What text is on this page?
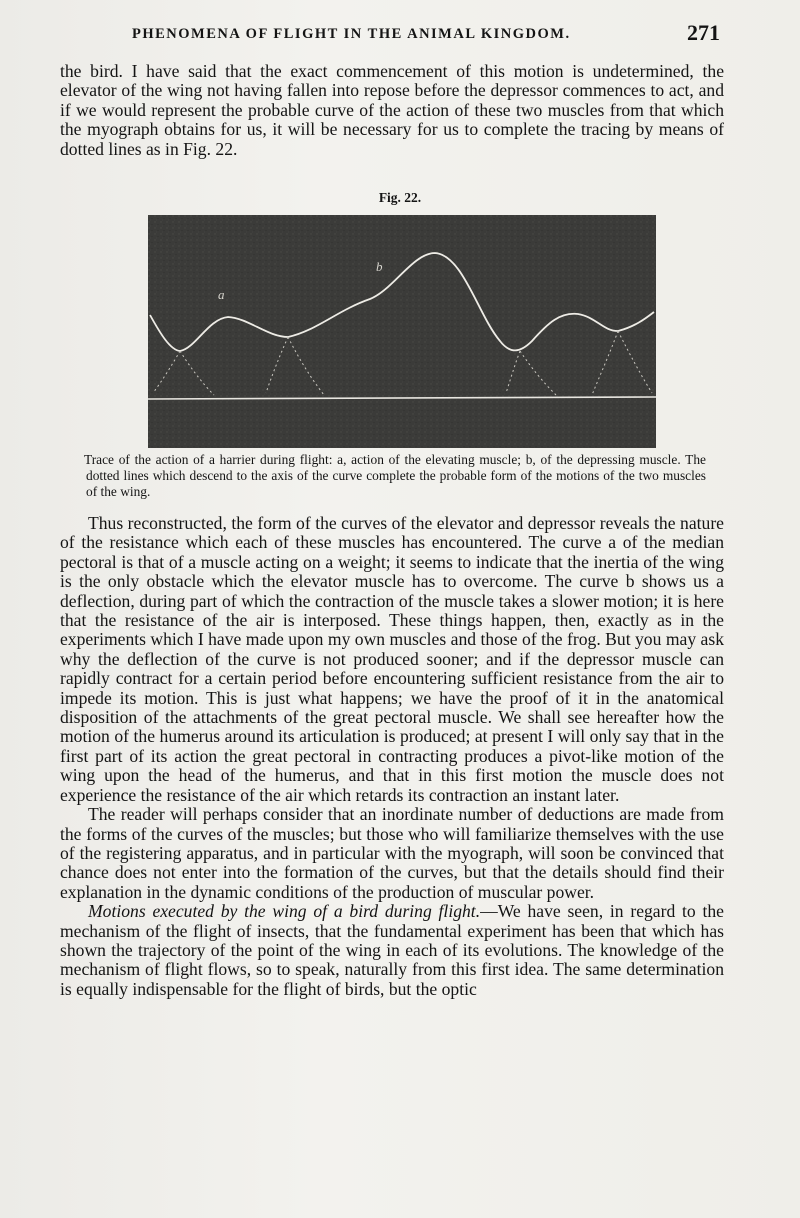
PHENOMENA OF FLIGHT IN THE ANIMAL KINGDOM.	271

the bird. I have said that the exact commencement of this motion is undetermined, the elevator of the wing not having fallen into repose before the depressor commences to act, and if we would represent the probable curve of the action of these two muscles from that which the myograph obtains for us, it will be necessary for us to complete the tracing by means of dotted lines as in Fig. 22.

Fig. 22.
a
b

Trace of the action of a harrier during flight: a, action of the elevating muscle; b, of the depressing muscle. The dotted lines which descend to the axis of the curve complete the probable form of the motions of the two muscles of the wing.

Thus reconstructed, the form of the curves of the elevator and depressor reveals the nature of the resistance which each of these muscles has encountered. The curve a of the median pectoral is that of a muscle acting on a weight; it seems to indicate that the inertia of the wing is the only obstacle which the elevator muscle has to overcome. The curve b shows us a deflection, during part of which the contraction of the muscle takes a slower motion; it is here that the resistance of the air is interposed. These things happen, then, exactly as in the experiments which I have made upon my own muscles and those of the frog. But you may ask why the deflection of the curve is not produced sooner; and if the depressor muscle can rapidly contract for a certain period before encountering sufficient resistance from the air to impede its motion. This is just what happens; we have the proof of it in the anatomical disposition of the attachments of the great pectoral muscle. We shall see hereafter how the motion of the humerus around its articulation is produced; at present I will only say that in the first part of its action the great pectoral in contracting produces a pivot-like motion of the wing upon the head of the humerus, and that in this first motion the muscle does not experience the resistance of the air which retards its contraction an instant later.

The reader will perhaps consider that an inordinate number of deductions are made from the forms of the curves of the muscles; but those who will familiarize themselves with the use of the registering apparatus, and in particular with the myograph, will soon be convinced that chance does not enter into the formation of the curves, but that the details should find their explanation in the dynamic conditions of the production of muscular power.

Motions executed by the wing of a bird during flight.—We have seen, in regard to the mechanism of the flight of insects, that the fundamental experiment has been that which has shown the trajectory of the point of the wing in each of its evolutions. The knowledge of the mechanism of flight flows, so to speak, naturally from this first idea. The same determination is equally indispensable for the flight of birds, but the optic
